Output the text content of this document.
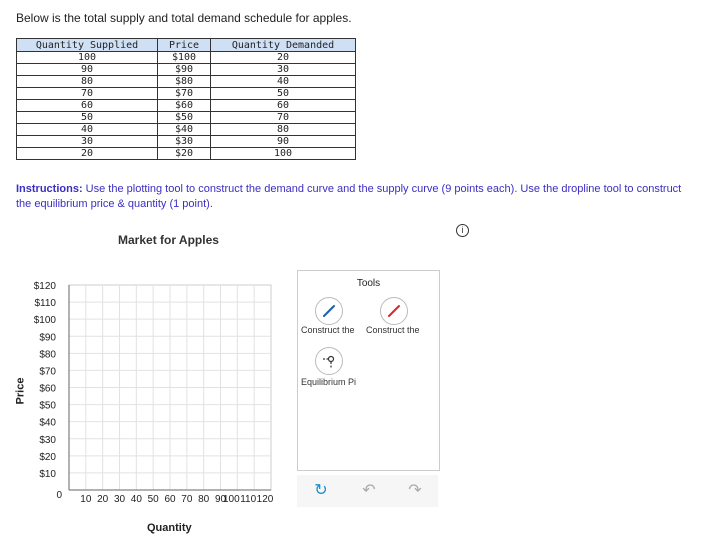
Below is the total supply and total demand schedule for apples.
Quantity Supplied	Price	Quantity Demanded
100	$100	20
90	$90	30
80	$80	40
70	$70	50
60	$60	60
50	$50	70
40	$40	80
30	$30	90
20	$20	100
Instructions: Use the plotting tool to construct the demand curve and the supply curve (9 points each). Use the dropline tool to construct the equilibrium price & quantity (1 point).
i
Market for Apples
Price
Quantity
$120
$110
$100
$90
$80
$70
$60
$50
$40
$30
$20
$10
0 10 20 30 40 50 60 70 80 90
100 110 120
Tools
Construct the	Construct the
Equilibrium Pi
↻ ↶ ↷
